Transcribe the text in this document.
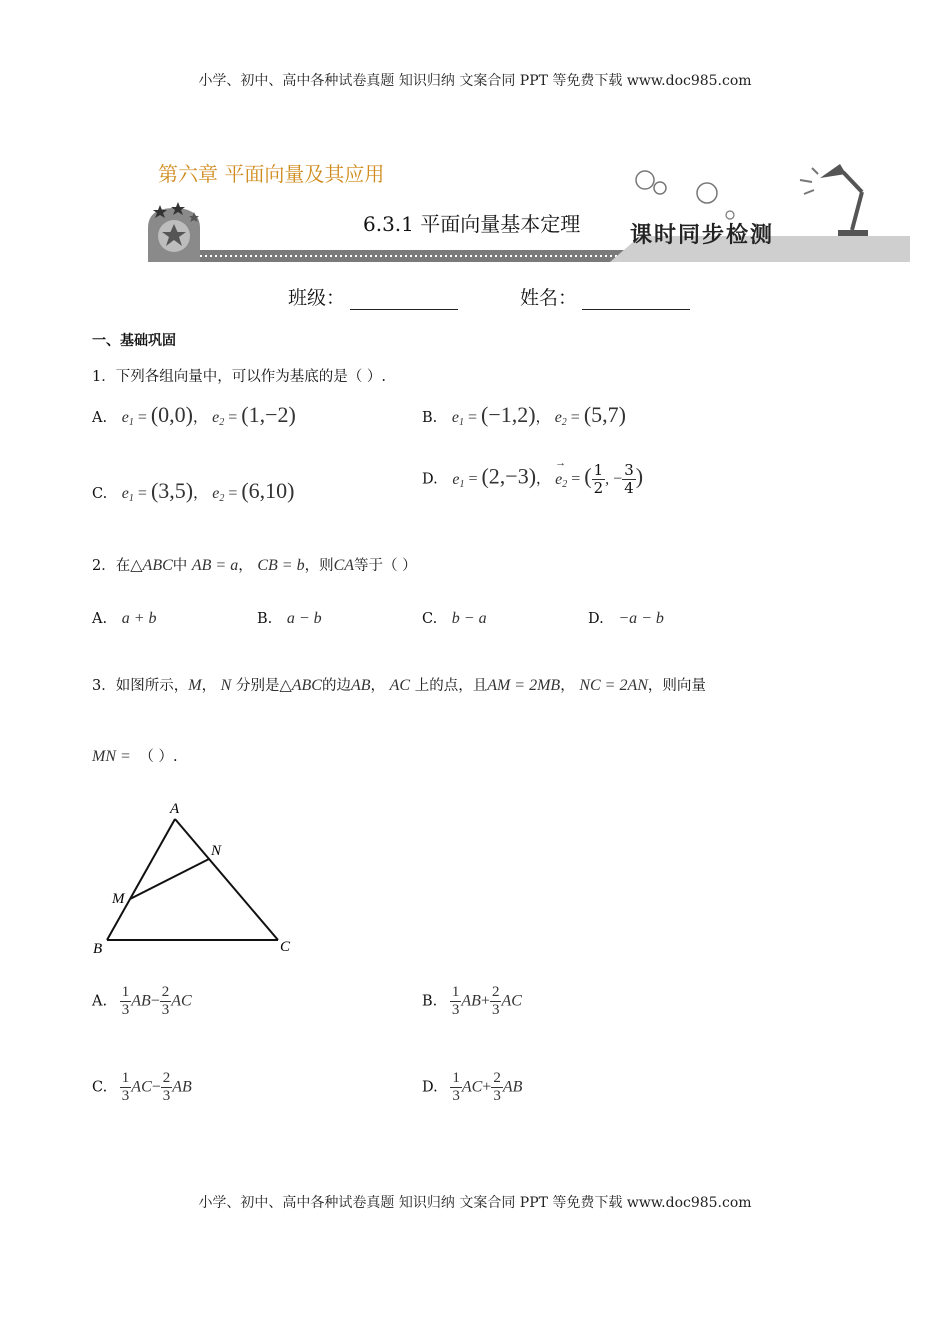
小学、初中、高中各种试卷真题 知识归纳 文案合同 PPT 等免费下载 www.doc985.com
小学、初中、高中各种试卷真题 知识归纳 文案合同 PPT 等免费下载 www.doc985.com
第六章 平面向量及其应用
6.3.1 平面向量基本定理 课时同步检测
班级：	姓名：
一、基础巩固
1．下列各组向量中，可以作为基底的是（ ）.
A. $e_1 = (0,0)$， $e_2 = (1,-2)$	B. $e_1 = (-1,2)$， $e_2 = (5,7)$
C. $e_1 = (3,5)$， $e_2 = (6,10)$	D. $e_1 = (2,-3)$，
→
$e_2$ = ( $\frac{1}{2}$ , − $\frac{3}{4}$ )
2．在△ABC中 AB = a， CB = b，则CA等于（ ）
A. a + b	B. a − b	C. b − a	D. −a − b
3．如图所示，M， N 分别是△ABC的边AB， AC 上的点，且AM = 2MB， NC = 2AN，则向量
MN = （ ）.
A
B	C
M
N
A. $\frac{1}{3} AB- \frac{2}{3}$ AC	B. $\frac{1}{3} AB+ \frac{2}{3}$ AC
C. $\frac{1}{3} AC- \frac{2}{3}$ AB	D. $\frac{1}{3} AC+ \frac{2}{3}$ AB
